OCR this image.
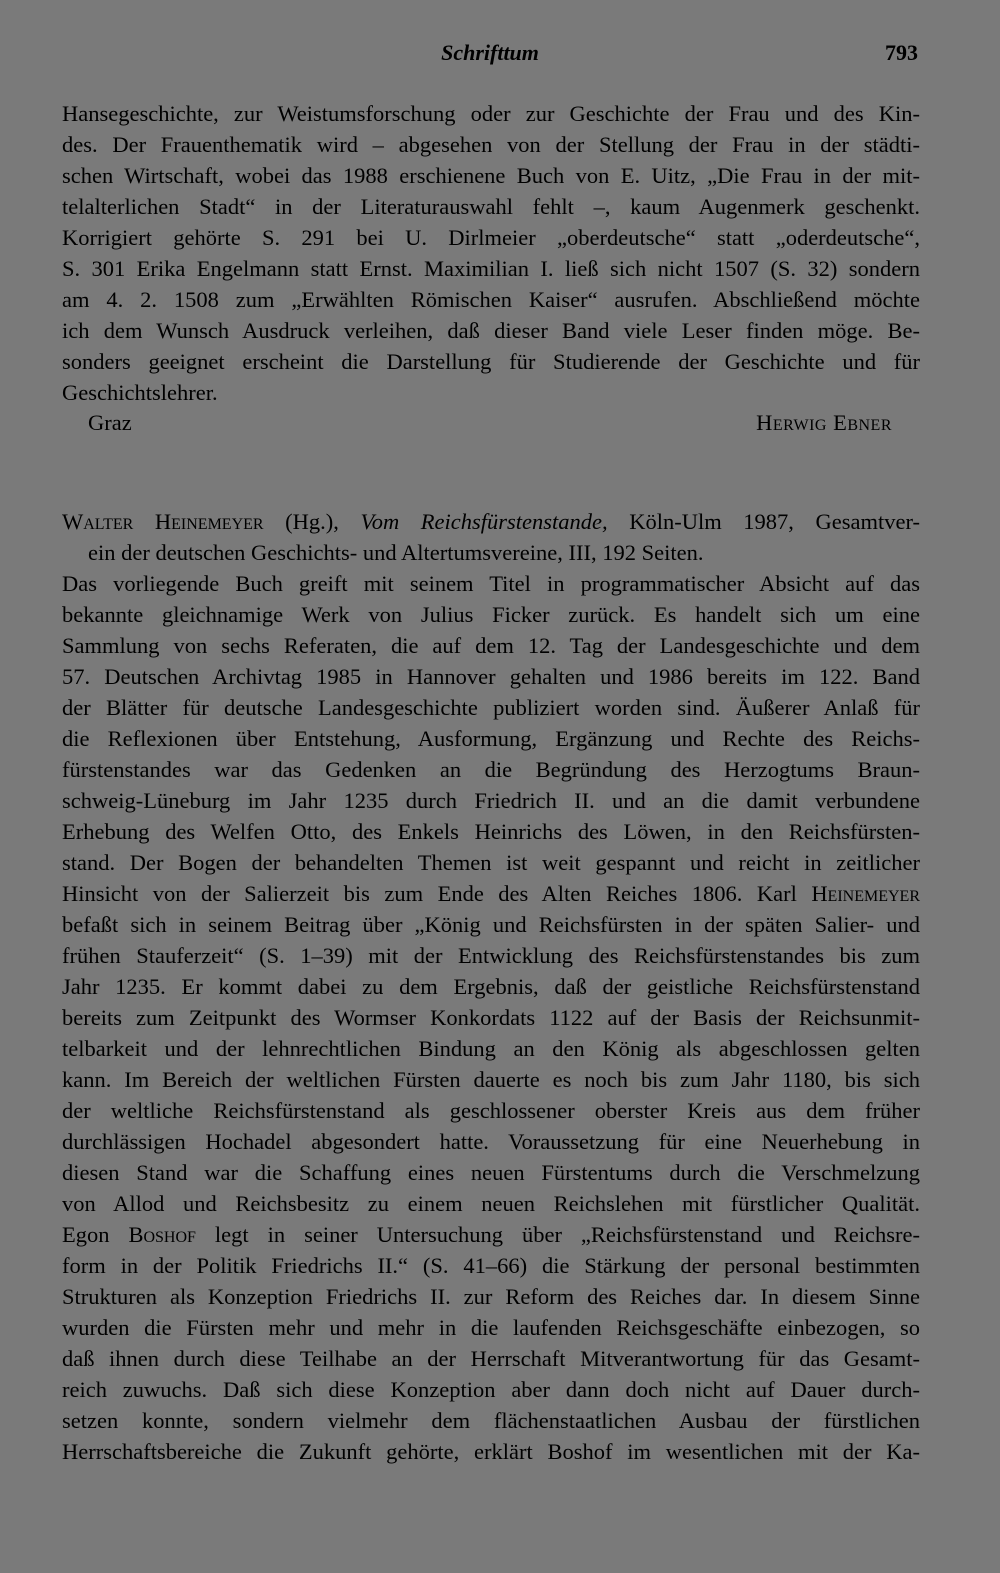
Schrifttum	793
Hansegeschichte, zur Weistumsforschung oder zur Geschichte der Frau und des Kin-
des. Der Frauenthematik wird – abgesehen von der Stellung der Frau in der städti-
schen Wirtschaft, wobei das 1988 erschienene Buch von E. Uitz, „Die Frau in der mit-
telalterlichen Stadt“ in der Literaturauswahl fehlt –, kaum Augenmerk geschenkt.
Korrigiert gehörte S. 291 bei U. Dirlmeier „oberdeutsche“ statt „oderdeutsche“,
S. 301 Erika Engelmann statt Ernst. Maximilian I. ließ sich nicht 1507 (S. 32) sondern
am 4. 2. 1508 zum „Erwählten Römischen Kaiser“ ausrufen. Abschließend möchte
ich dem Wunsch Ausdruck verleihen, daß dieser Band viele Leser finden möge. Be-
sonders geeignet erscheint die Darstellung für Studierende der Geschichte und für
Geschichtslehrer.
Graz	Herwig Ebner
Walter Heinemeyer (Hg.), Vom Reichsfürstenstande, Köln-Ulm 1987, Gesamtver-
ein der deutschen Geschichts- und Altertumsvereine, III, 192 Seiten.
Das vorliegende Buch greift mit seinem Titel in programmatischer Absicht auf das
bekannte gleichnamige Werk von Julius Ficker zurück. Es handelt sich um eine
Sammlung von sechs Referaten, die auf dem 12. Tag der Landesgeschichte und dem
57. Deutschen Archivtag 1985 in Hannover gehalten und 1986 bereits im 122. Band
der Blätter für deutsche Landesgeschichte publiziert worden sind. Äußerer Anlaß für
die Reflexionen über Entstehung, Ausformung, Ergänzung und Rechte des Reichs-
fürstenstandes war das Gedenken an die Begründung des Herzogtums Braun-
schweig-Lüneburg im Jahr 1235 durch Friedrich II. und an die damit verbundene
Erhebung des Welfen Otto, des Enkels Heinrichs des Löwen, in den Reichsfürsten-
stand. Der Bogen der behandelten Themen ist weit gespannt und reicht in zeitlicher
Hinsicht von der Salierzeit bis zum Ende des Alten Reiches 1806. Karl Heinemeyer
befaßt sich in seinem Beitrag über „König und Reichsfürsten in der späten Salier- und
frühen Stauferzeit“ (S. 1–39) mit der Entwicklung des Reichsfürstenstandes bis zum
Jahr 1235. Er kommt dabei zu dem Ergebnis, daß der geistliche Reichsfürstenstand
bereits zum Zeitpunkt des Wormser Konkordats 1122 auf der Basis der Reichsunmit-
telbarkeit und der lehnrechtlichen Bindung an den König als abgeschlossen gelten
kann. Im Bereich der weltlichen Fürsten dauerte es noch bis zum Jahr 1180, bis sich
der weltliche Reichsfürstenstand als geschlossener oberster Kreis aus dem früher
durchlässigen Hochadel abgesondert hatte. Voraussetzung für eine Neuerhebung in
diesen Stand war die Schaffung eines neuen Fürstentums durch die Verschmelzung
von Allod und Reichsbesitz zu einem neuen Reichslehen mit fürstlicher Qualität.
Egon Boshof legt in seiner Untersuchung über „Reichsfürstenstand und Reichsre-
form in der Politik Friedrichs II.“ (S. 41–66) die Stärkung der personal bestimmten
Strukturen als Konzeption Friedrichs II. zur Reform des Reiches dar. In diesem Sinne
wurden die Fürsten mehr und mehr in die laufenden Reichsgeschäfte einbezogen, so
daß ihnen durch diese Teilhabe an der Herrschaft Mitverantwortung für das Gesamt-
reich zuwuchs. Daß sich diese Konzeption aber dann doch nicht auf Dauer durch-
setzen konnte, sondern vielmehr dem flächenstaatlichen Ausbau der fürstlichen
Herrschaftsbereiche die Zukunft gehörte, erklärt Boshof im wesentlichen mit der Ka-
